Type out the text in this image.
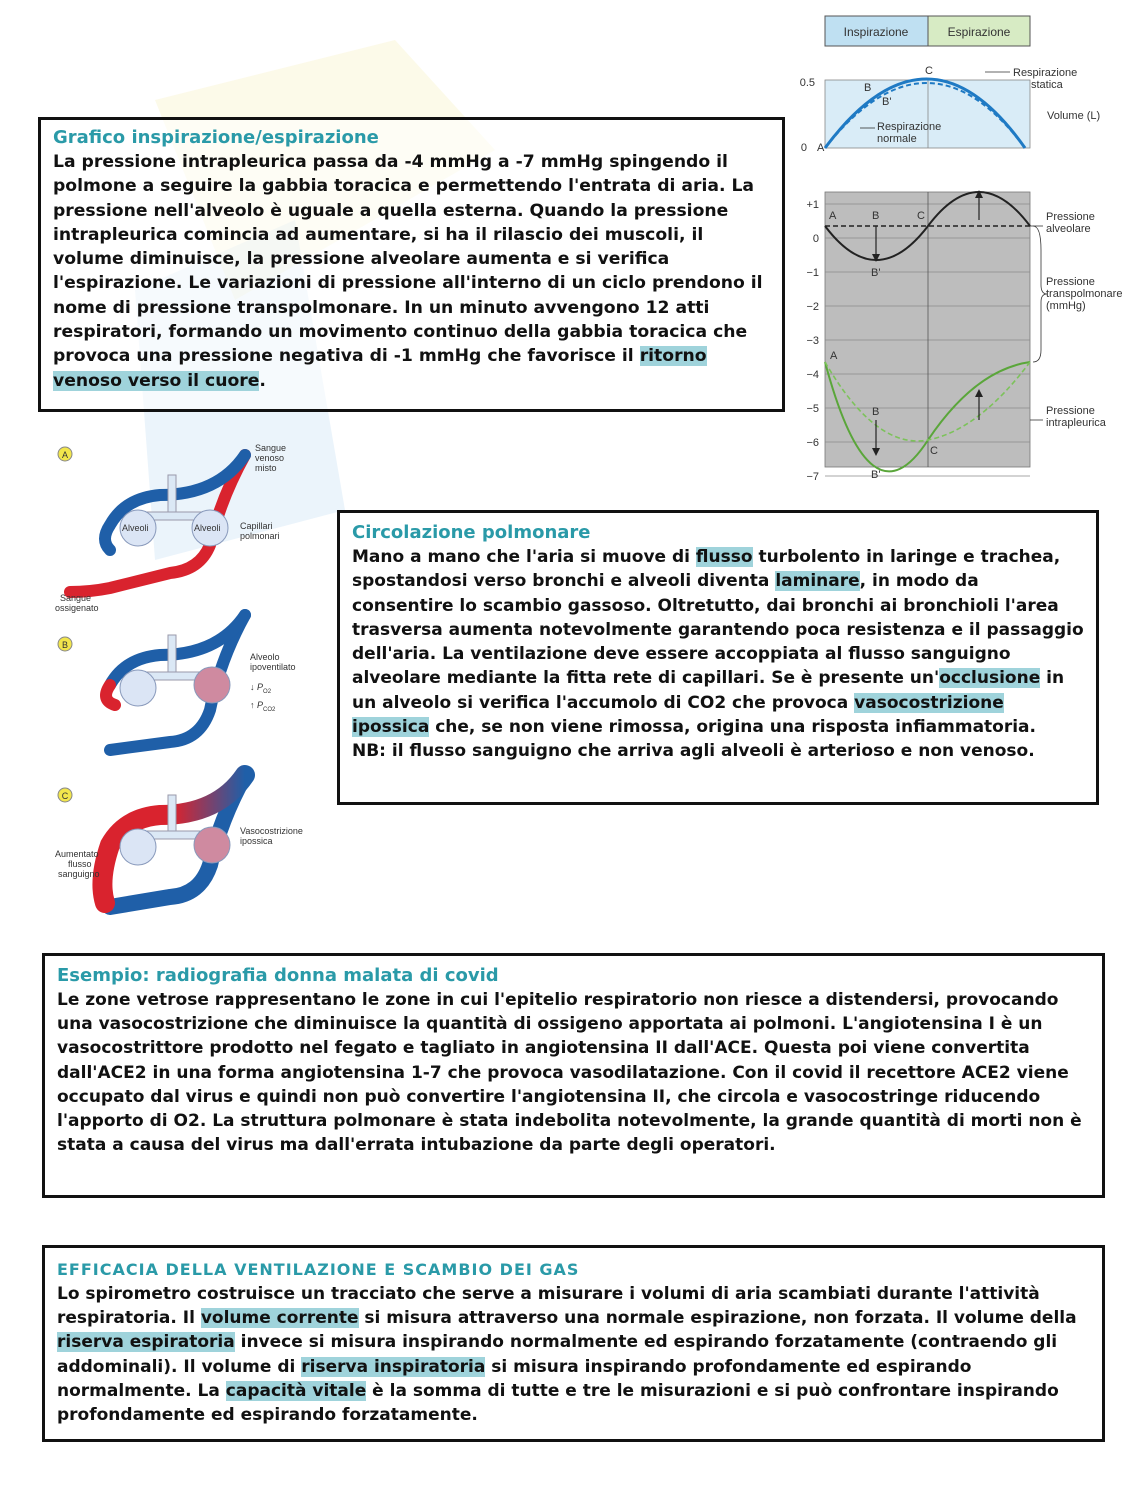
Inspirazione	Espirazione
0.5
0 A
C
B
B'
Respirazione
statica
Volume (L)
Respirazione
normale
+1
0
−1
−2
−3
−4
−5
−6
−7
A	B	C
B'
A
B
C
B'
Pressione
alveolare
Pressione
transpolmonare
(mmHg)
Pressione
intrapleurica
A
Alveoli	Alveoli
Sangue
venoso
misto
Capillari
polmonari
Sangue
ossigenato
B
Alveolo
ipoventilato
↓ $P_{O2}$
↑ $P_{CO2}$
C
Vasocostrizione
ipossica
Aumentato
flusso
sanguigno
Grafico inspirazione/espirazione

La pressione intrapleurica passa da -4 mmHg a -7 mmHg spingendo il polmone a seguire la gabbia toracica e permettendo l'entrata di aria. La pressione nell'alveolo è uguale a quella esterna. Quando la pressione intrapleurica comincia ad aumentare, si ha il rilascio dei muscoli, il volume diminuisce, la pressione alveolare aumenta e si verifica l'espirazione. Le variazioni di pressione all'interno di un ciclo prendono il nome di pressione transpolmonare. In un minuto avvengono 12 atti respiratori, formando un movimento continuo della gabbia toracica che provoca una pressione negativa di -1 mmHg che favorisce il ritorno venoso verso il cuore.

Circolazione polmonare

Mano a mano che l'aria si muove di flusso turbolento in laringe e trachea, spostandosi verso bronchi e alveoli diventa laminare, in modo da consentire lo scambio gassoso. Oltretutto, dai bronchi ai bronchioli l'area trasversa aumenta notevolmente garantendo poca resistenza e il passaggio dell'aria. La ventilazione deve essere accoppiata al flusso sanguigno alveolare mediante la fitta rete di capillari. Se è presente un'occlusione in un alveolo si verifica l'accumolo di CO2 che provoca vasocostrizione ipossica che, se non viene rimossa, origina una risposta infiammatoria.

NB: il flusso sanguigno che arriva agli alveoli è arterioso e non venoso.

Esempio: radiografia donna malata di covid

Le zone vetrose rappresentano le zone in cui l'epitelio respiratorio non riesce a distendersi, provocando una vasocostrizione che diminuisce la quantità di ossigeno apportata ai polmoni. L'angiotensina I è un vasocostrittore prodotto nel fegato e tagliato in angiotensina II dall'ACE. Questa poi viene convertita dall'ACE2 in una forma angiotensina 1-7 che provoca vasodilatazione. Con il covid il recettore ACE2 viene occupato dal virus e quindi non può convertire l'angiotensina II, che circola e vasocostringe riducendo l'apporto di O2. La struttura polmonare è stata indebolita notevolmente, la grande quantità di morti non è stata a causa del virus ma dall'errata intubazione da parte degli operatori.

EFFICACIA DELLA VENTILAZIONE E SCAMBIO DEI GAS

Lo spirometro costruisce un tracciato che serve a misurare i volumi di aria scambiati durante l'attività respiratoria. Il volume corrente si misura attraverso una normale espirazione, non forzata. Il volume della riserva espiratoria invece si misura inspirando normalmente ed espirando forzatamente (contraendo gli addominali). Il volume di riserva inspiratoria si misura inspirando profondamente ed espirando normalmente. La capacità vitale è la somma di tutte e tre le misurazioni e si può confrontare inspirando profondamente ed espirando forzatamente.
